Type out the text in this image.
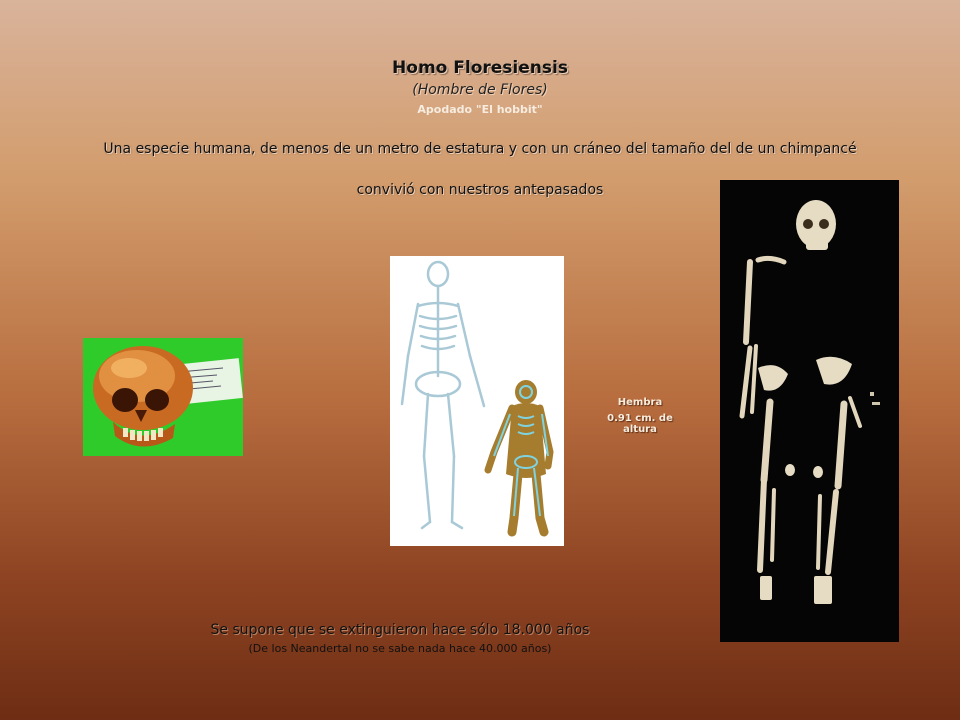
Homo Floresiensis
(Hombre de Flores)
Apodado "El hobbit"
Una especie humana, de menos de un metro de estatura y con un cráneo del tamaño del de un chimpancé
convivió con nuestros antepasados
Hembra
0.91 cm. de altura
Se supone que se extinguieron hace sólo 18.000 años
(De los Neandertal no se sabe nada hace 40.000 años)
